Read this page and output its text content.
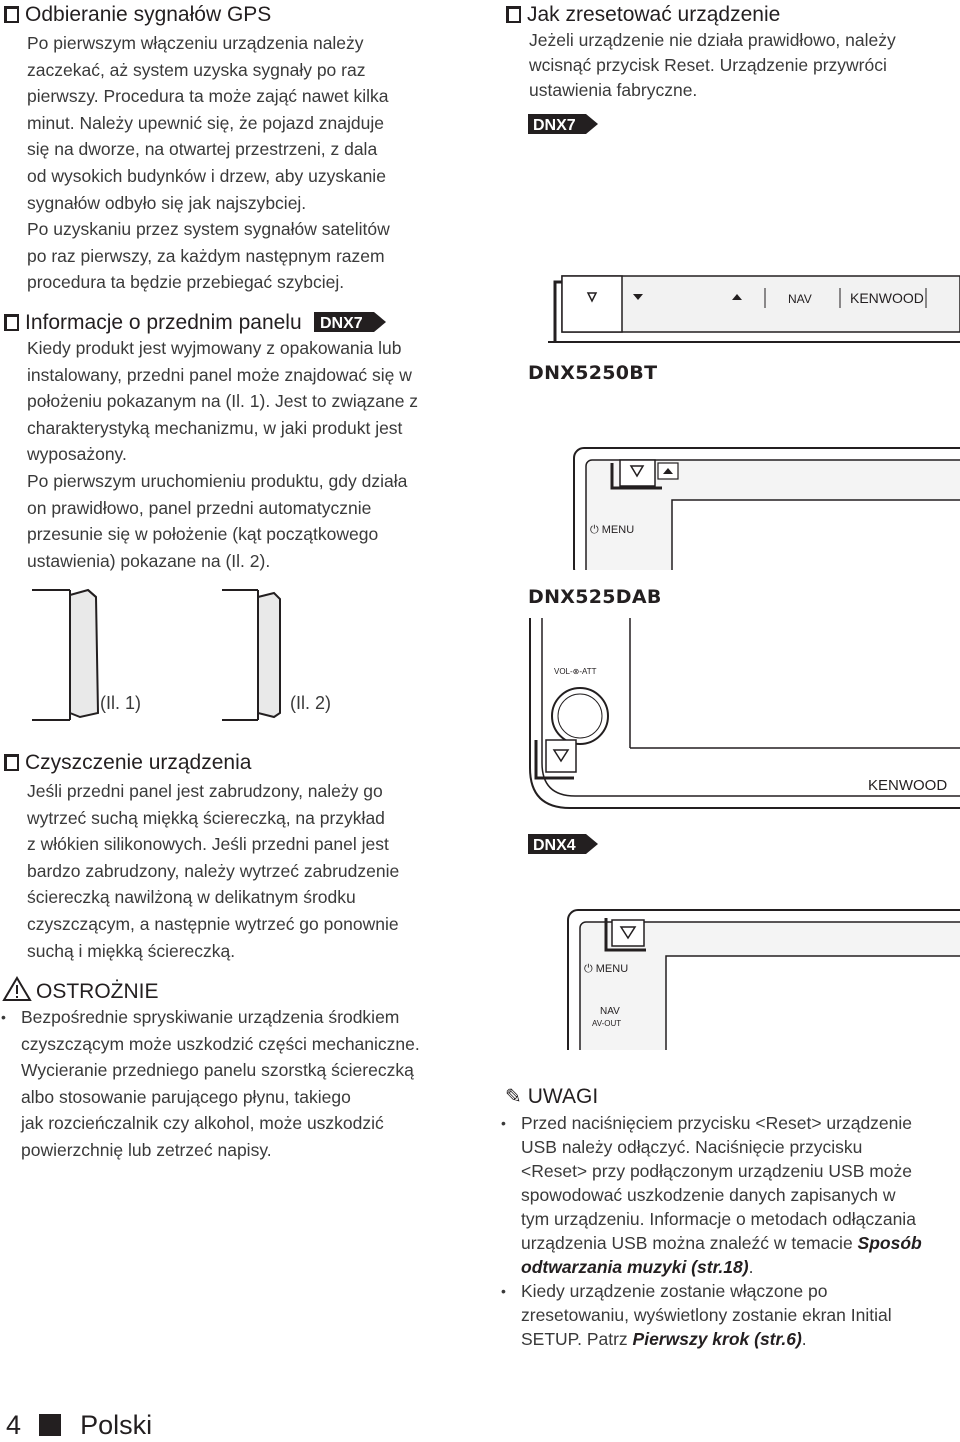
Odbieranie sygnałów GPS

Po pierwszym włączeniu urządzenia należy

zaczekać, aż system uzyska sygnały po raz

pierwszy. Procedura ta może zająć nawet kilka

minut. Należy upewnić się, że pojazd znajduje

się na dworze, na otwartej przestrzeni, z dala

od wysokich budynków i drzew, aby uzyskanie

sygnałów odbyło się jak najszybciej.

Po uzyskaniu przez system sygnałów satelitów

po raz pierwszy, za każdym następnym razem

procedura ta będzie przebiegać szybciej.

Informacje o przednim panelu DNX7

Kiedy produkt jest wyjmowany z opakowania lub

instalowany, przedni panel może znajdować się w

położeniu pokazanym na (Il. 1). Jest to związane z

charakterystyką mechanizmu, w jaki produkt jest

wyposażony.

Po pierwszym uruchomieniu produktu, gdy działa

on prawidłowo, panel przedni automatycznie

przesunie się w położenie (kąt początkowego

ustawienia) pokazane na (Il. 2).

(Il. 1)	(Il. 2)
Czyszczenie urządzenia

Jeśli przedni panel jest zabrudzony, należy go

wytrzeć suchą miękką ściereczką, na przykład

z włókien silikonowych. Jeśli przedni panel jest

bardzo zabrudzony, należy wytrzeć zabrudzenie

ściereczką nawilżoną w delikatnym środku

czyszczącym, a następnie wytrzeć go ponownie

suchą i miękką ściereczką.

OSTROŻNIE

• Bezpośrednie spryskiwanie urządzenia środkiem

czyszczącym może uszkodzić części mechaniczne.

Wycieranie przedniego panelu szorstką ściereczką

albo stosowanie parującego płynu, takiego

jak rozcieńczalnik czy alkohol, może uszkodzić

powierzchnię lub zetrzeć napisy.

4 Polski
Jak zresetować urządzenie

Jeżeli urządzenie nie działa prawidłowo, należy

wcisnąć przycisk Reset. Urządzenie przywróci

ustawienia fabryczne.

DNX7
NAV	KENWOOD
DNX5250BT
⏻ MENU
DNX525DAB
VOL-⊗-ATT
KENWOOD
DNX4
⏻ MENU
NAV
AV-OUT
✎ UWAGI

• Przed naciśnięciem przycisku <Reset> urządzenie

USB należy odłączyć. Naciśnięcie przycisku

<Reset> przy podłączonym urządzeniu USB może

spowodować uszkodzenie danych zapisanych w

tym urządzeniu. Informacje o metodach odłączania

urządzenia USB można znaleźć w temacie Sposób

odtwarzania muzyki (str.18).

• Kiedy urządzenie zostanie włączone po

zresetowaniu, wyświetlony zostanie ekran Initial

SETUP. Patrz Pierwszy krok (str.6).
